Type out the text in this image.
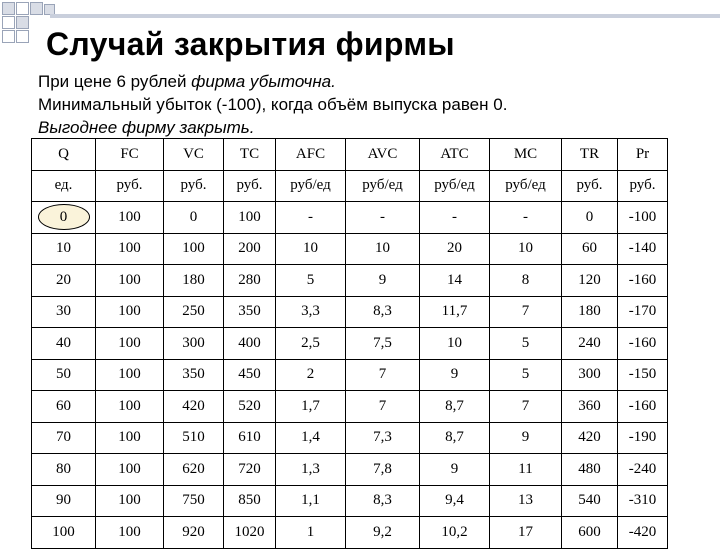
Случай закрытия фирмы
При цене 6 рублей фирма убыточна.
Минимальный убыток (-100), когда объём выпуска равен 0.
Выгоднее фирму закрыть.
Q	FC	VC	TC	AFC	AVC	ATC	MC	TR	Pr
ед.	руб.	руб.	руб.	руб/ед	руб/ед	руб/ед	руб/ед	руб.	руб.
0	100	0	100	-	-	-	-	0	-100
10	100	100	200	10	10	20	10	60	-140
20	100	180	280	5	9	14	8	120	-160
30	100	250	350	3,3	8,3	11,7	7	180	-170
40	100	300	400	2,5	7,5	10	5	240	-160
50	100	350	450	2	7	9	5	300	-150
60	100	420	520	1,7	7	8,7	7	360	-160
70	100	510	610	1,4	7,3	8,7	9	420	-190
80	100	620	720	1,3	7,8	9	11	480	-240
90	100	750	850	1,1	8,3	9,4	13	540	-310
100	100	920	1020	1	9,2	10,2	17	600	-420
